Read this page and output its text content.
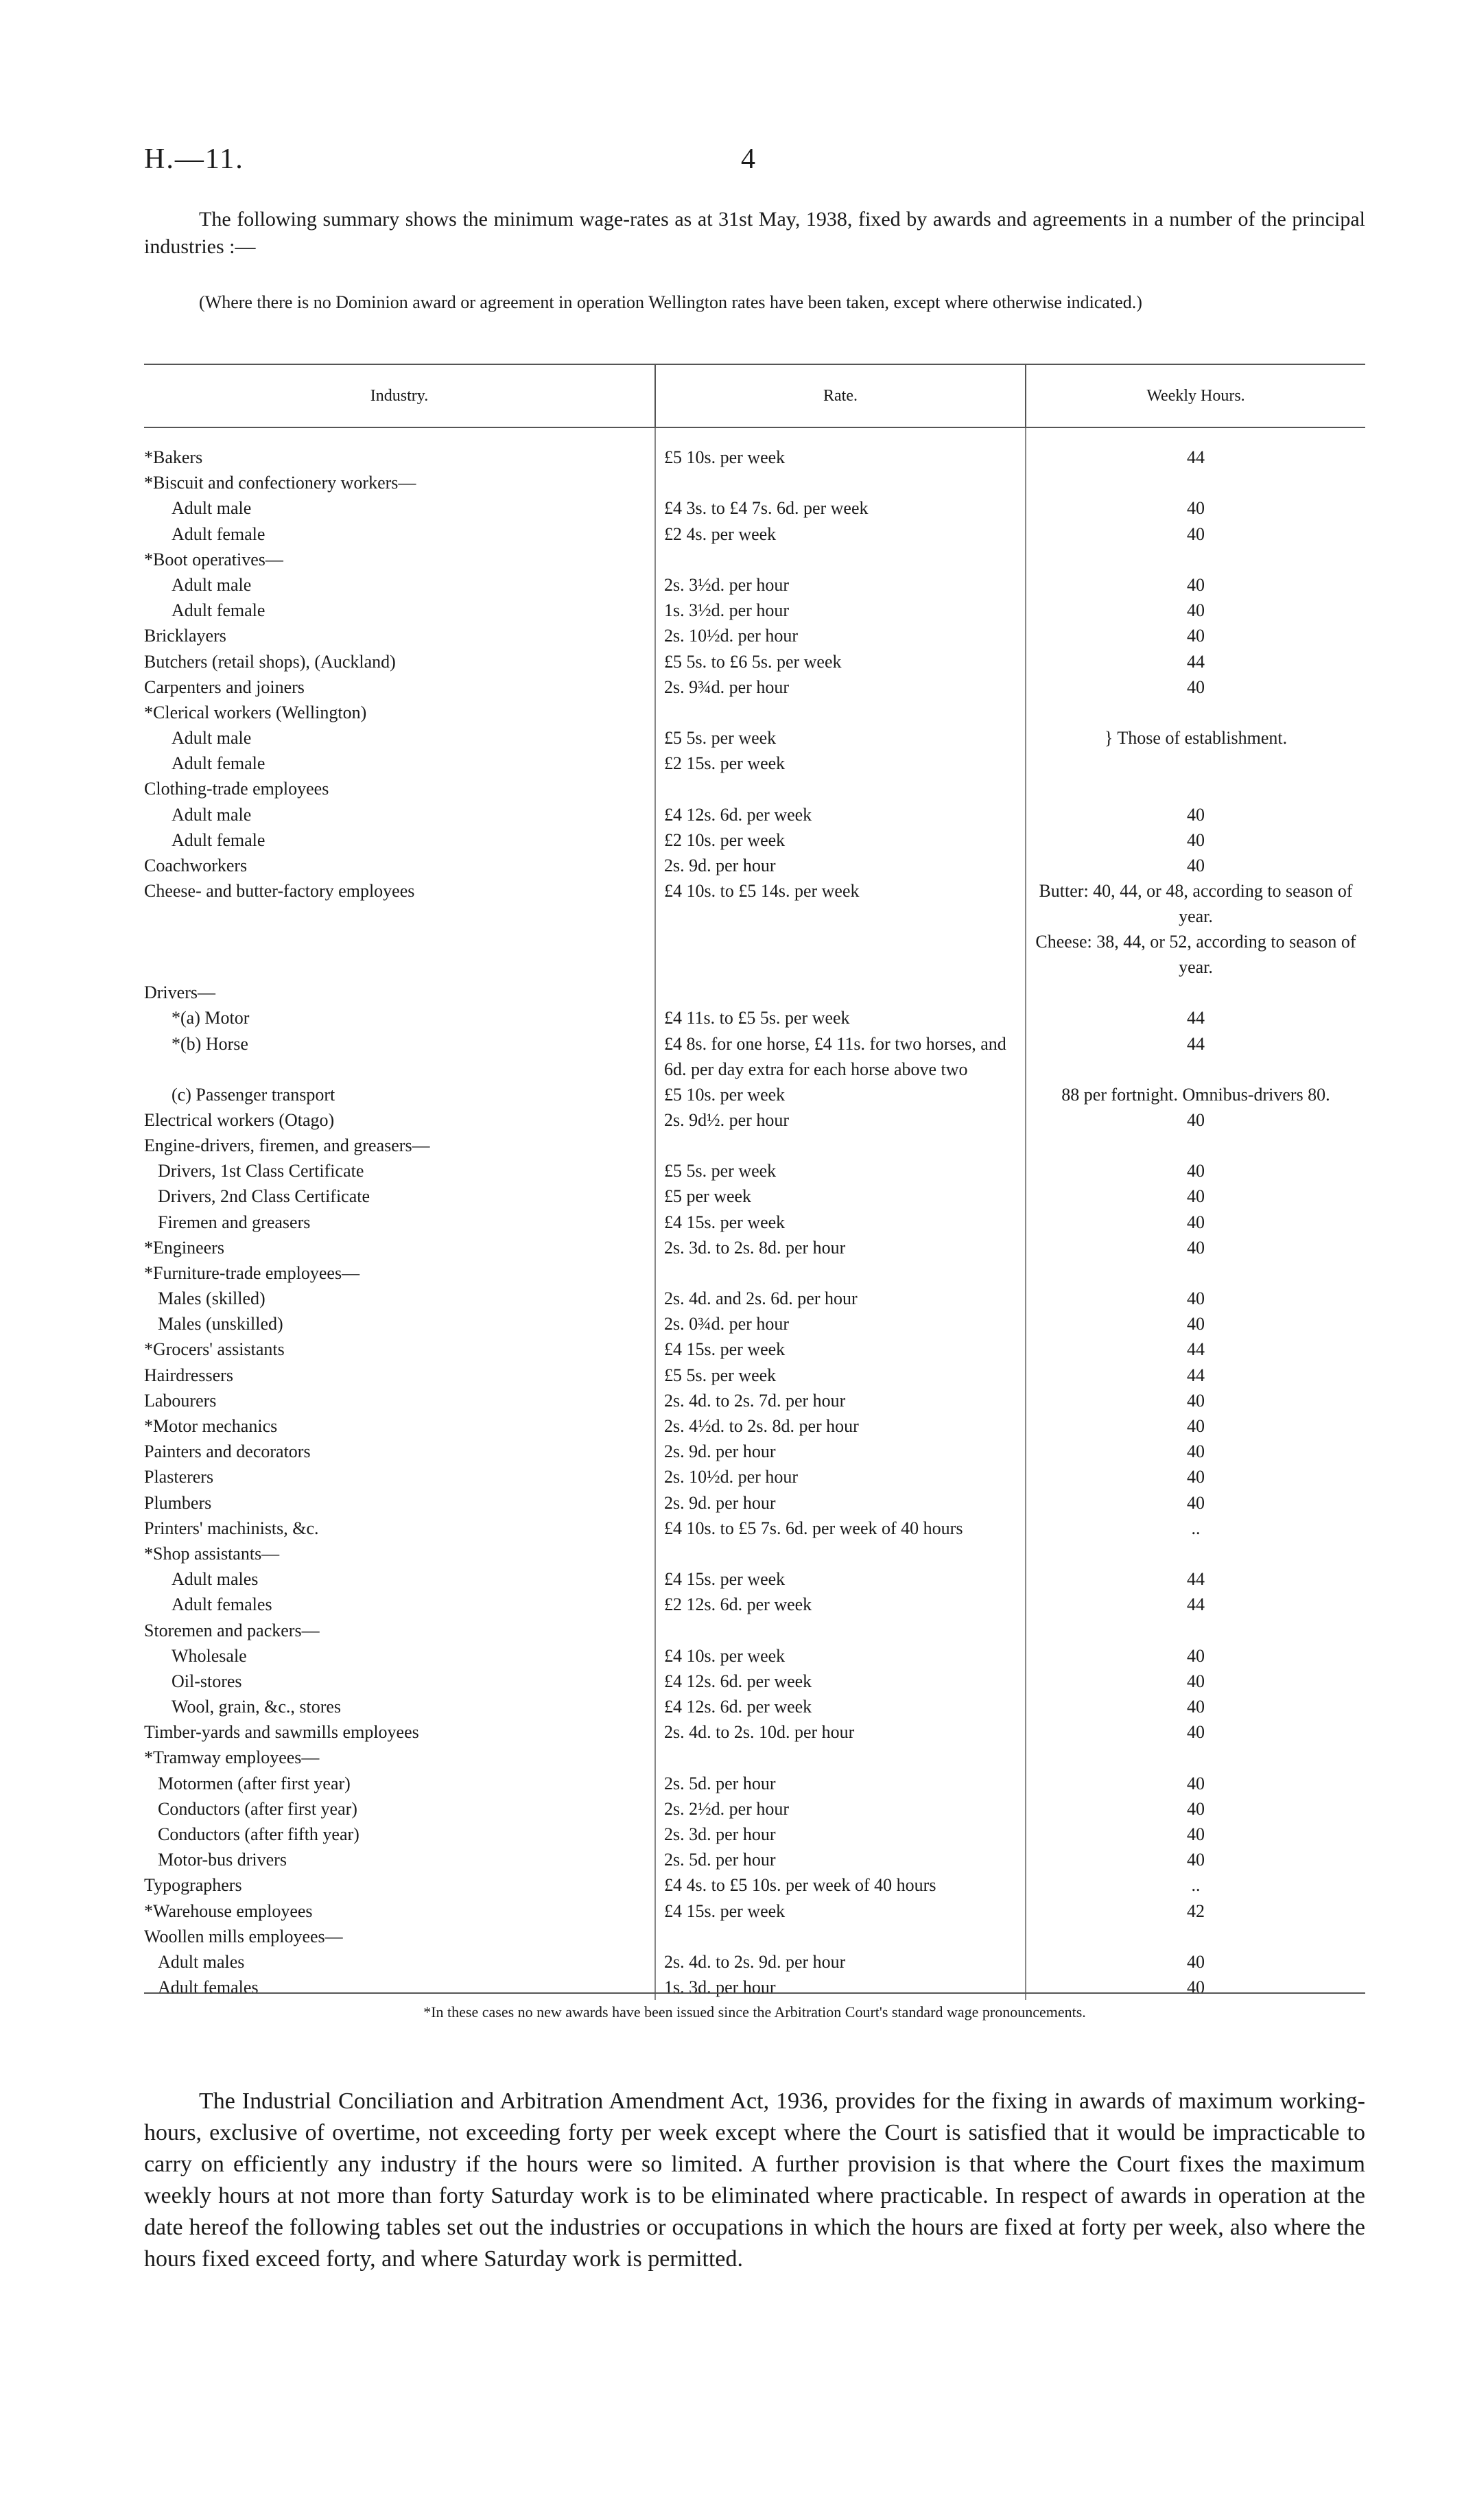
H.—11.	4
The following summary shows the minimum wage-rates as at 31st May, 1938, fixed by awards and agreements in a number of the principal industries :—
(Where there is no Dominion award or agreement in operation Wellington rates have been taken, except where otherwise indicated.)
Industry.	Rate.	Weekly Hours.
*Bakers	£5 10s. per week	44
*Biscuit and confectionery workers—		
Adult male	£4 3s. to £4 7s. 6d. per week	40
Adult female	£2 4s. per week	40
*Boot operatives—		
Adult male	2s. 3½d. per hour	40
Adult female	1s. 3½d. per hour	40
Bricklayers	2s. 10½d. per hour	40
Butchers (retail shops), (Auckland)	£5 5s. to £6 5s. per week	44
Carpenters and joiners	2s. 9¾d. per hour	40
*Clerical workers (Wellington)		
Adult male	£5 5s. per week	} Those of establishment.
Adult female	£2 15s. per week	
Clothing-trade employees		
Adult male	£4 12s. 6d. per week	40
Adult female	£2 10s. per week	40
Coachworkers	2s. 9d. per hour	40
Cheese- and butter-factory employees	£4 10s. to £5 14s. per week	Butter: 40, 44, or 48, according to season of year.
		Cheese: 38, 44, or 52, according to season of year.
Drivers—		
*(a) Motor	£4 11s. to £5 5s. per week	44
*(b) Horse	£4 8s. for one horse, £4 11s. for two horses, and 6d. per day extra for each horse above two	44
(c) Passenger transport	£5 10s. per week	88 per fortnight. Omnibus-drivers 80.
Electrical workers (Otago)	2s. 9d½. per hour	40
Engine-drivers, firemen, and greasers—		
Drivers, 1st Class Certificate	£5 5s. per week	40
Drivers, 2nd Class Certificate	£5 per week	40
Firemen and greasers	£4 15s. per week	40
*Engineers	2s. 3d. to 2s. 8d. per hour	40
*Furniture-trade employees—		
Males (skilled)	2s. 4d. and 2s. 6d. per hour	40
Males (unskilled)	2s. 0¾d. per hour	40
*Grocers' assistants	£4 15s. per week	44
Hairdressers	£5 5s. per week	44
Labourers	2s. 4d. to 2s. 7d. per hour	40
*Motor mechanics	2s. 4½d. to 2s. 8d. per hour	40
Painters and decorators	2s. 9d. per hour	40
Plasterers	2s. 10½d. per hour	40
Plumbers	2s. 9d. per hour	40
Printers' machinists, &c.	£4 10s. to £5 7s. 6d. per week of 40 hours	..
*Shop assistants—		
Adult males	£4 15s. per week	44
Adult females	£2 12s. 6d. per week	44
Storemen and packers—		
Wholesale	£4 10s. per week	40
Oil-stores	£4 12s. 6d. per week	40
Wool, grain, &c., stores	£4 12s. 6d. per week	40
Timber-yards and sawmills employees	2s. 4d. to 2s. 10d. per hour	40
*Tramway employees—		
Motormen (after first year)	2s. 5d. per hour	40
Conductors (after first year)	2s. 2½d. per hour	40
Conductors (after fifth year)	2s. 3d. per hour	40
Motor-bus drivers	2s. 5d. per hour	40
Typographers	£4 4s. to £5 10s. per week of 40 hours	..
*Warehouse employees	£4 15s. per week	42
Woollen mills employees—		
Adult males	2s. 4d. to 2s. 9d. per hour	40
Adult females	1s. 3d. per hour	40
*In these cases no new awards have been issued since the Arbitration Court's standard wage pronouncements.
The Industrial Conciliation and Arbitration Amendment Act, 1936, provides for the fixing in awards of maximum working-hours, exclusive of overtime, not exceeding forty per week except where the Court is satisfied that it would be impracticable to carry on efficiently any industry if the hours were so limited. A further provision is that where the Court fixes the maximum weekly hours at not more than forty Saturday work is to be eliminated where practicable. In respect of awards in operation at the date hereof the following tables set out the industries or occupations in which the hours are fixed at forty per week, also where the hours fixed exceed forty, and where Saturday work is permitted.
